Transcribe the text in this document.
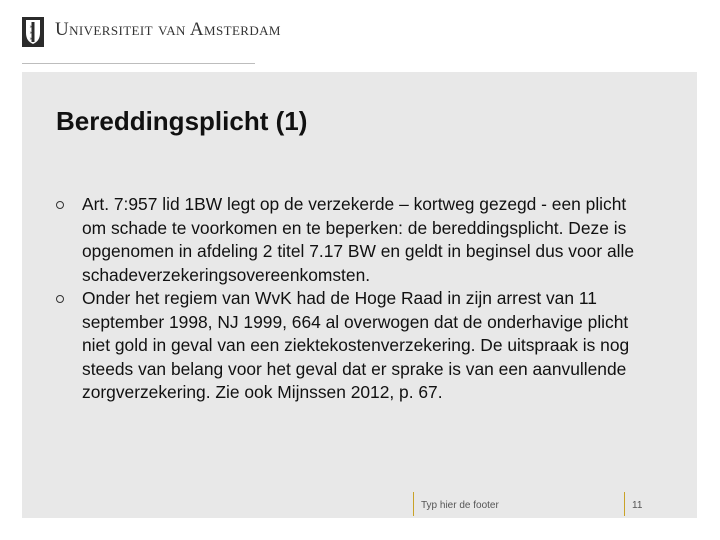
×
×
× Universiteit van Amsterdam
Bereddingsplicht (1)
Art. 7:957 lid 1BW legt op de verzekerde – kortweg gezegd - een plicht om schade te voorkomen en te beperken: de bereddingsplicht. Deze is opgenomen in afdeling 2 titel 7.17 BW en geldt in beginsel dus voor alle schadeverzekeringsovereenkomsten.
Onder het regiem van WvK had de Hoge Raad in zijn arrest van 11 september 1998, NJ 1999, 664 al overwogen dat de onderhavige plicht niet gold in geval van een ziektekostenverzekering. De uitspraak is nog steeds van belang voor het geval dat er sprake is van een aanvullende zorgverzekering. Zie ook Mijnssen 2012, p. 67.
Typ hier de footer	11
